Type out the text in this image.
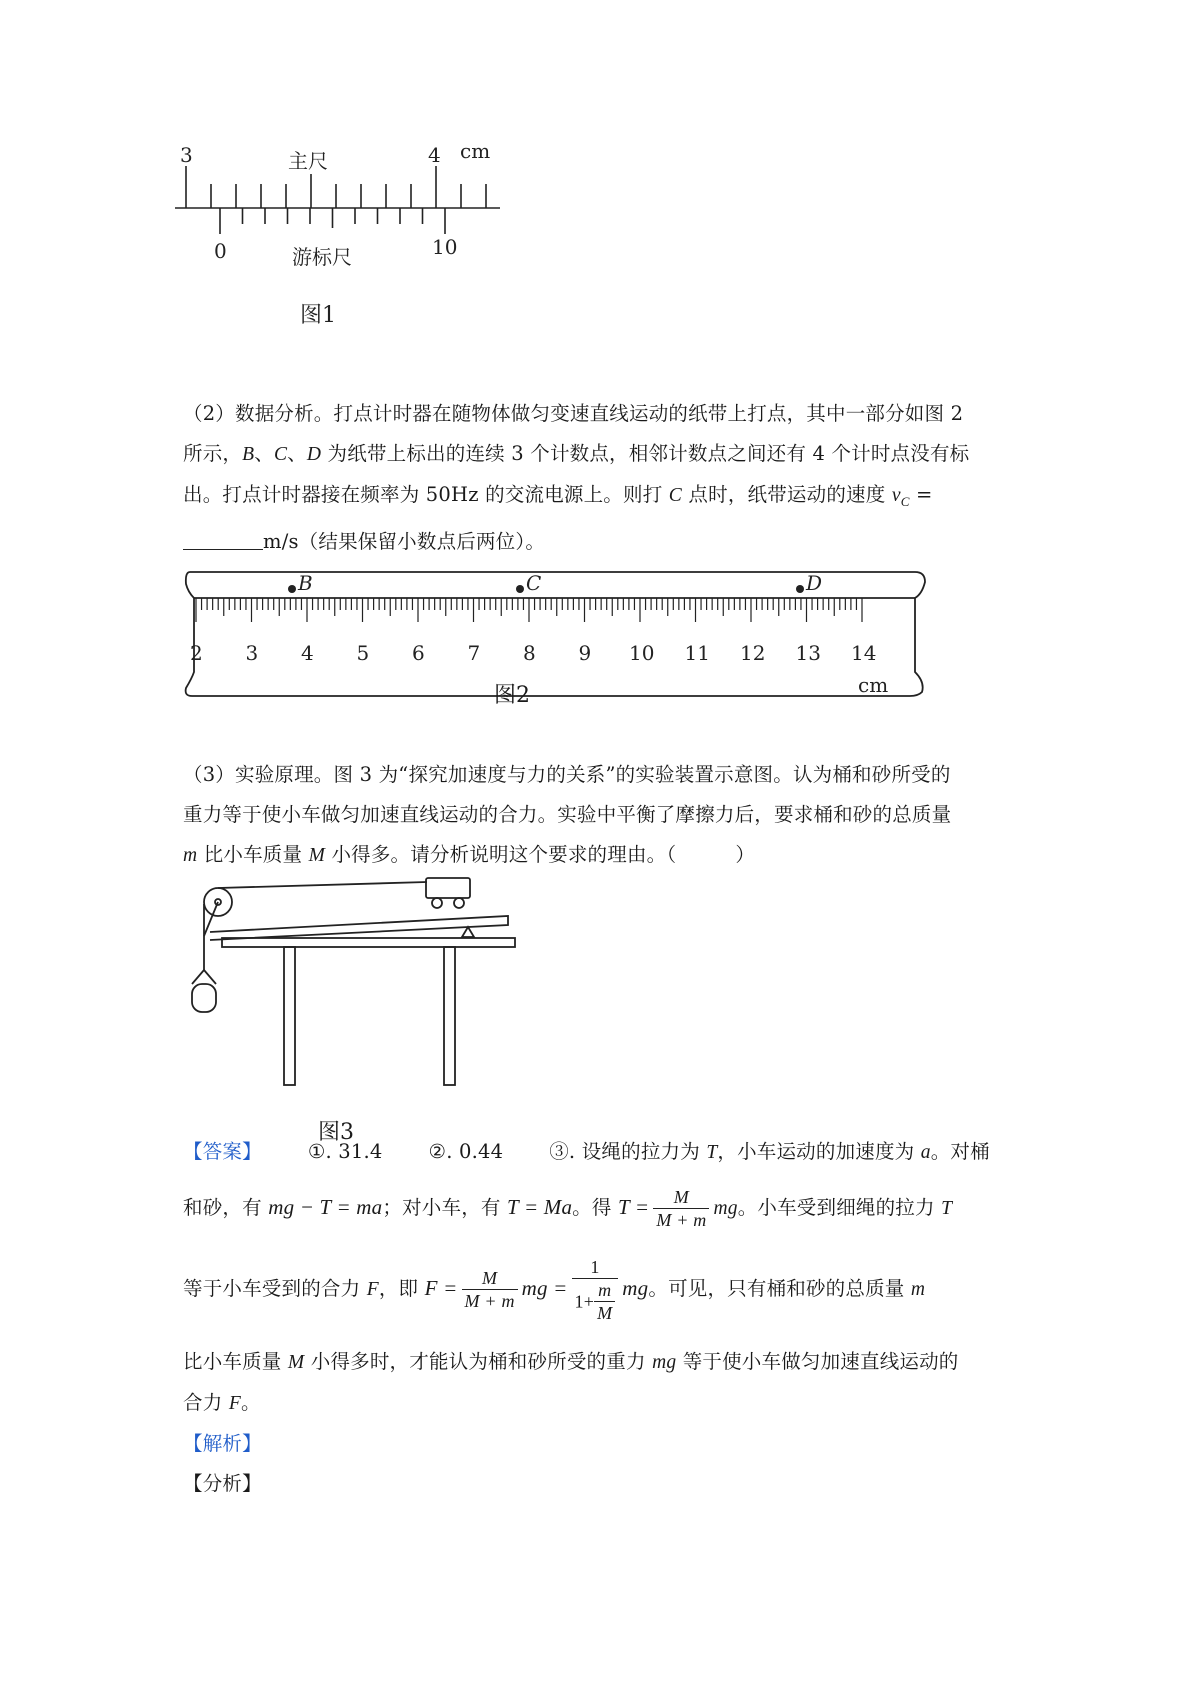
3	主尺	4 cm
0	游标尺	10
图1
（2）数据分析。打点计时器在随物体做匀变速直线运动的纸带上打点，其中一部分如图 2
所示，B、C、D 为纸带上标出的连续 3 个计数点，相邻计数点之间还有 4 个计时点没有标
出。打点计时器接在频率为 50Hz 的交流电源上。则打 C 点时，纸带运动的速度 $v_C$ =
m/s（结果保留小数点后两位）。
2 3 4 5 6 7 8 9 10 11 12 13 14
B	C	D
cm
图2
（3）实验原理。图 3 为“探究加速度与力的关系”的实验装置示意图。认为桶和砂所受的
重力等于使小车做匀加速直线运动的合力。实验中平衡了摩擦力后，要求桶和砂的总质量
m 比小车质量 M 小得多。请分析说明这个要求的理由。（　　　）
图3
【答案】 ①. 31.4 ②. 0.44 ③. 设绳的拉力为 T，小车运动的加速度为 a。对桶
和砂，有 mg − T = ma；对小车，有 T = Ma。得 $T = \frac{M}{M + m}$ mg。小车受到细绳的拉力 T
等于小车受到的合力 F，即 $F = \frac{M}{M + m}$ mg = $\frac{1}{1+ \frac{m}{M}}$ mg。可见，只有桶和砂的总质量 m
比小车质量 M 小得多时，才能认为桶和砂所受的重力 mg 等于使小车做匀加速直线运动的
合力 F。
【解析】
【分析】
